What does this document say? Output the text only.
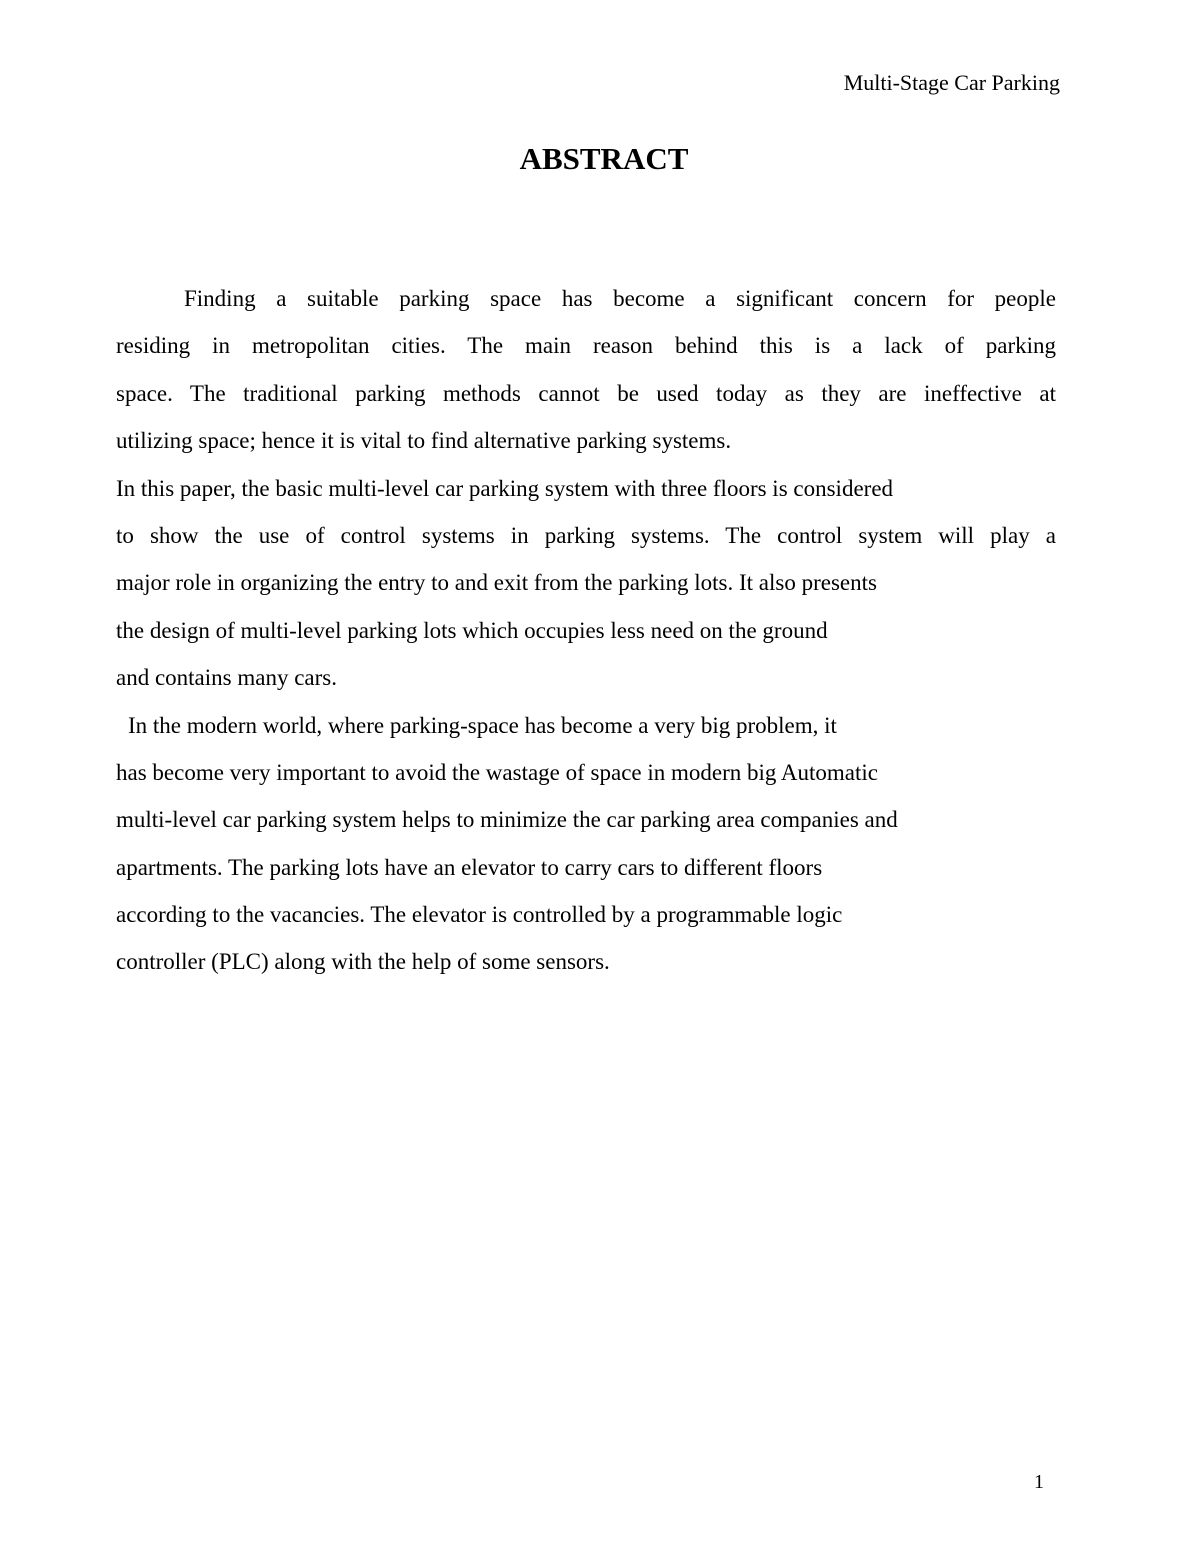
Multi-Stage Car Parking
ABSTRACT
Finding a suitable parking space has become a significant concern for people
residing in metropolitan cities. The main reason behind this is a lack of parking
space. The traditional parking methods cannot be used today as they are ineffective at
utilizing space; hence it is vital to find alternative parking systems.
In this paper, the basic multi-level car parking system with three floors is considered
to show the use of control systems in parking systems. The control system will play a
major role in organizing the entry to and exit from the parking lots. It also presents
the design of multi-level parking lots which occupies less need on the ground
and contains many cars.
In the modern world, where parking-space has become a very big problem, it
has become very important to avoid the wastage of space in modern big Automatic
multi-level car parking system helps to minimize the car parking area companies and
apartments. The parking lots have an elevator to carry cars to different floors
according to the vacancies. The elevator is controlled by a programmable logic
controller (PLC) along with the help of some sensors.
1
